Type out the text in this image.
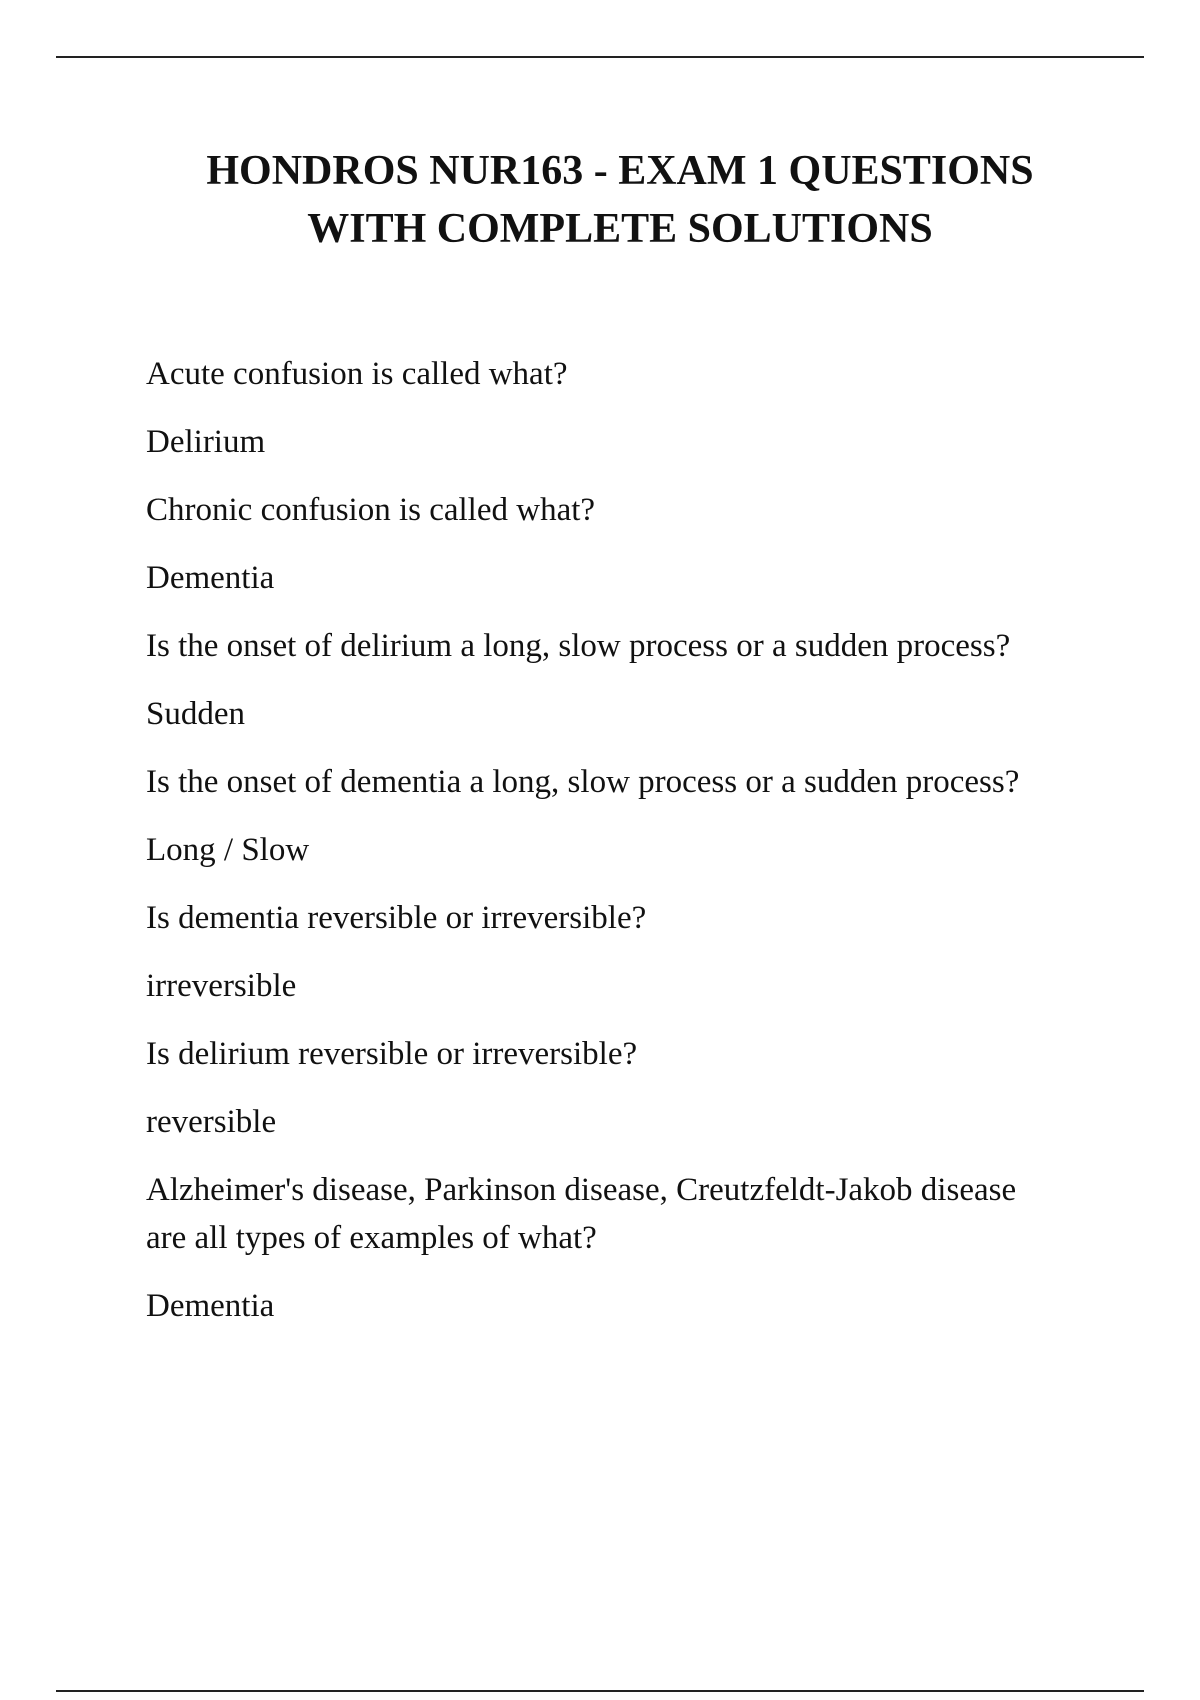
HONDROS NUR163 - EXAM 1 QUESTIONS
WITH COMPLETE SOLUTIONS
Acute confusion is called what?
Delirium
Chronic confusion is called what?
Dementia
Is the onset of delirium a long, slow process or a sudden process?
Sudden
Is the onset of dementia a long, slow process or a sudden process?
Long / Slow
Is dementia reversible or irreversible?
irreversible
Is delirium reversible or irreversible?
reversible
Alzheimer's disease, Parkinson disease, Creutzfeldt-Jakob disease are all types of examples of what?
Dementia
